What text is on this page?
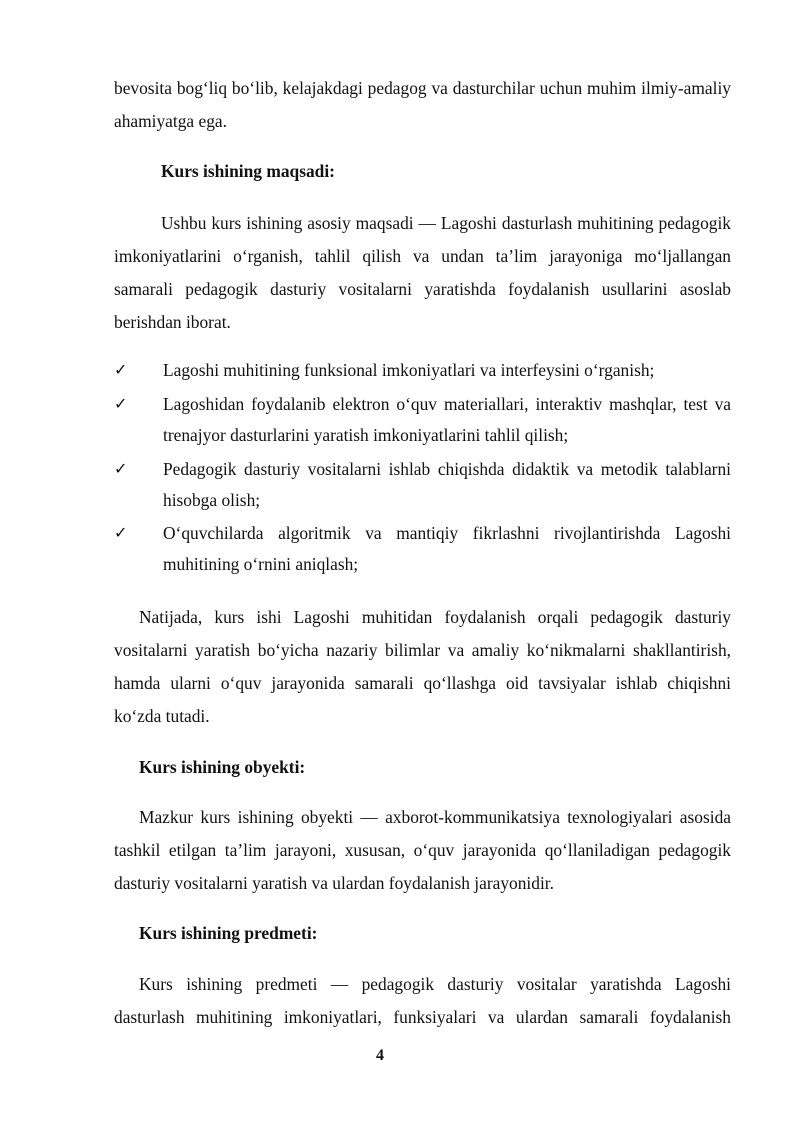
bevosita bog‘liq bo‘lib, kelajakdagi pedagog va dasturchilar uchun muhim ilmiy-amaliy ahamiyatga ega.
Kurs ishining maqsadi:
Ushbu kurs ishining asosiy maqsadi — Lagoshi dasturlash muhitining pedagogik imkoniyatlarini o‘rganish, tahlil qilish va undan ta’lim jarayoniga mo‘ljallangan samarali pedagogik dasturiy vositalarni yaratishda foydalanish usullarini asoslab berishdan iborat.
✓ Lagoshi muhitining funksional imkoniyatlari va interfeysini o‘rganish;
✓ Lagoshidan foydalanib elektron o‘quv materiallari, interaktiv mashqlar, test va trenajyor dasturlarini yaratish imkoniyatlarini tahlil qilish;
✓ Pedagogik dasturiy vositalarni ishlab chiqishda didaktik va metodik talablarni hisobga olish;
✓ O‘quvchilarda algoritmik va mantiqiy fikrlashni rivojlantirishda Lagoshi muhitining o‘rnini aniqlash;
Natijada, kurs ishi Lagoshi muhitidan foydalanish orqali pedagogik dasturiy vositalarni yaratish bo‘yicha nazariy bilimlar va amaliy ko‘nikmalarni shakllantirish, hamda ularni o‘quv jarayonida samarali qo‘llashga oid tavsiyalar ishlab chiqishni ko‘zda tutadi.
Kurs ishining obyekti:
Mazkur kurs ishining obyekti — axborot-kommunikatsiya texnologiyalari asosida tashkil etilgan ta’lim jarayoni, xususan, o‘quv jarayonida qo‘llaniladigan pedagogik dasturiy vositalarni yaratish va ulardan foydalanish jarayonidir.
Kurs ishining predmeti:
Kurs ishining predmeti — pedagogik dasturiy vositalar yaratishda Lagoshi dasturlash muhitining imkoniyatlari, funksiyalari va ulardan samarali foydalanish
4
